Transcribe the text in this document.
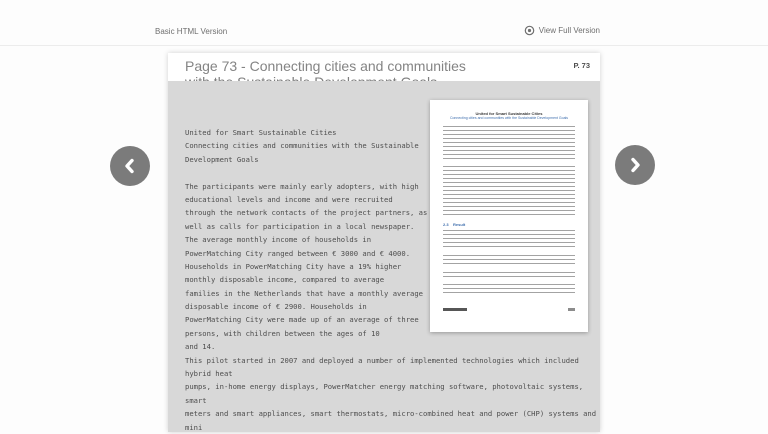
Basic HTML Version	View Full Version
Page 73 - Connecting cities and communities	P. 73
United for Smart Sustainable Cities
Connecting cities and communities with the Sustainable Development Goals
2.3    Result
United for Smart Sustainable Cities
Connecting cities and communities with the Sustainable
Development Goals
The participants were mainly early adopters, with high
educational levels and income and were recruited
through the network contacts of the project partners, as
well as calls for participation in a local newspaper.
The average monthly income of households in
PowerMatching City ranged between € 3000 and € 4000.
Households in PowerMatching City have a 19% higher
monthly disposable income, compared to average
families in the Netherlands that have a monthly average
disposable income of € 2900. Households in
PowerMatching City were made up of an average of three
persons, with children between the ages of 10
and 14.
This pilot started in 2007 and deployed a number of implemented technologies which included
hybrid heat
pumps, in-home energy displays, PowerMatcher energy matching software, photovoltaic systems,
smart
meters and smart appliances, smart thermostats, micro-combined heat and power (CHP) systems and
mini
